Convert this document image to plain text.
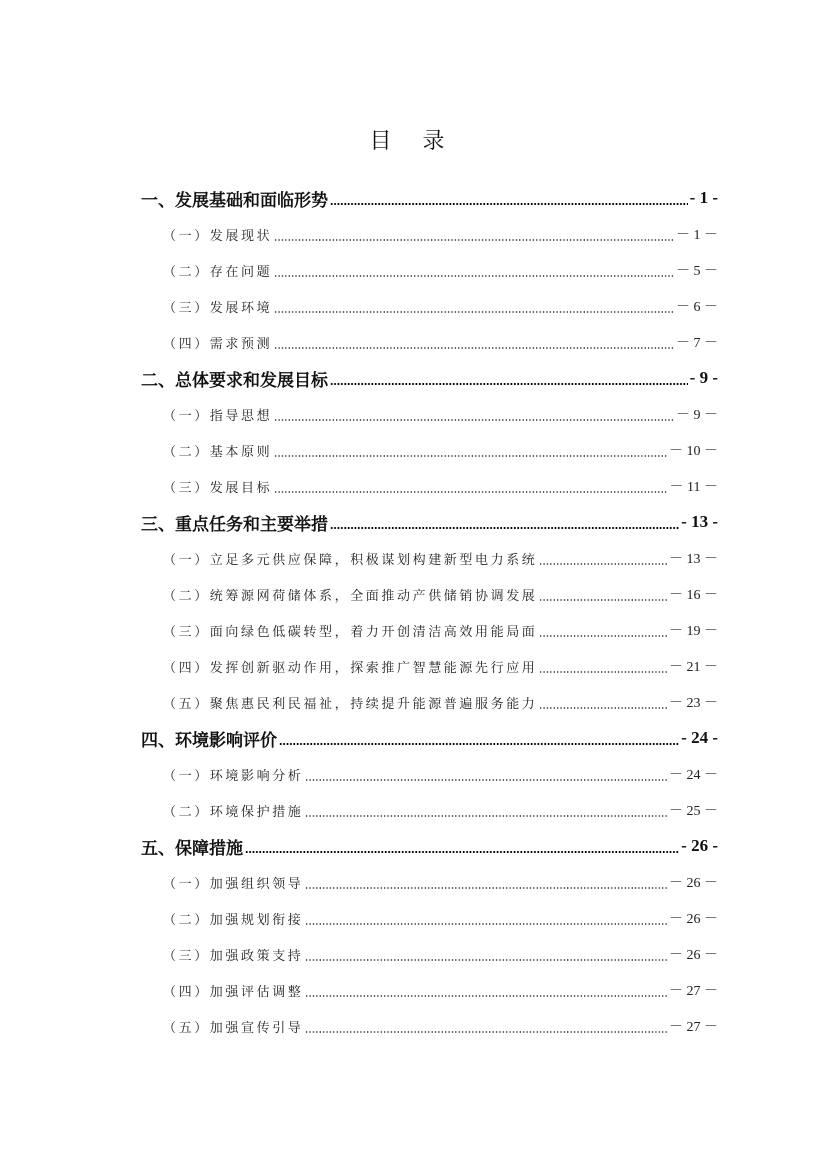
目 录
一、发展基础和面临形势	- 1 -
（一）发展现状	－ 1 －
（二）存在问题	－ 5 －
（三）发展环境	－ 6 －
（四）需求预测	－ 7 －
二、总体要求和发展目标	- 9 -
（一）指导思想	－ 9 －
（二）基本原则	－ 10 －
（三）发展目标	－ 11 －
三、重点任务和主要举措	- 13 -
（一）立足多元供应保障，积极谋划构建新型电力系统	－ 13 －
（二）统筹源网荷储体系，全面推动产供储销协调发展	－ 16 －
（三）面向绿色低碳转型，着力开创清洁高效用能局面	－ 19 －
（四）发挥创新驱动作用，探索推广智慧能源先行应用	－ 21 －
（五）聚焦惠民利民福祉，持续提升能源普遍服务能力	－ 23 －
四、环境影响评价	- 24 -
（一）环境影响分析	－ 24 －
（二）环境保护措施	－ 25 －
五、保障措施	- 26 -
（一）加强组织领导	－ 26 －
（二）加强规划衔接	－ 26 －
（三）加强政策支持	－ 26 －
（四）加强评估调整	－ 27 －
（五）加强宣传引导	－ 27 －
